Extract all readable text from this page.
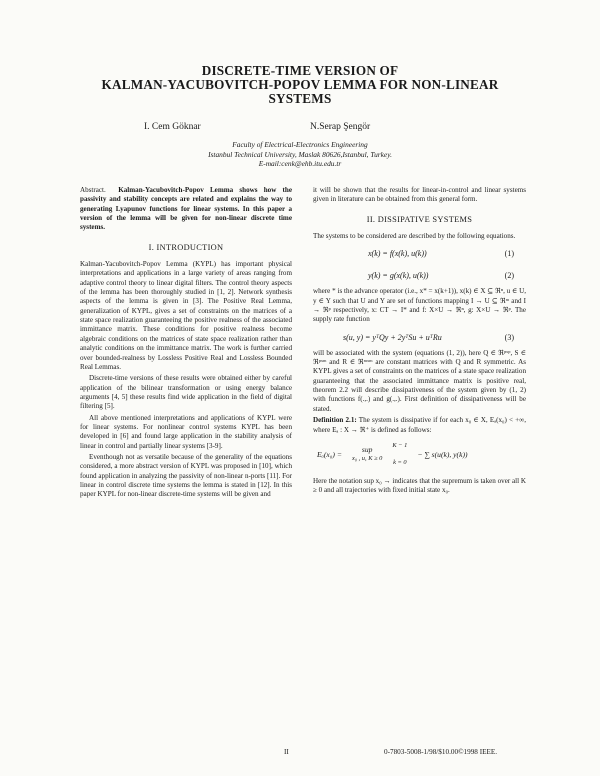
DISCRETE-TIME VERSION OF
KALMAN-YACUBOVITCH-POPOV LEMMA FOR NON-LINEAR
SYSTEMS
I. Cem Göknar	N.Serap Şengör
Faculty of Electrical-Electronics Engineering
Istanbul Technical University, Maslak 80626,Istanbul, Turkey.
E-mail:cenk@ehb.itu.edu.tr

Abstract. Kalman-Yacubovitch-Popov Lemma shows how the passivity and stability concepts are related and explains the way to generating Lyapunov functions for linear systems. In this paper a version of the lemma will be given for non-linear discrete time systems.

I. INTRODUCTION

Kalman-Yacubovitch-Popov Lemma (KYPL) has important physical interpretations and applications in a large variety of areas ranging from adaptive control theory to linear digital filters. The control theory aspects of the lemma has been thoroughly studied in [1, 2]. Network synthesis aspects of the lemma is given in [3]. The Positive Real Lemma, generalization of KYPL, gives a set of constraints on the matrices of a state space realization guaranteeing the positive realness of the associated immittance matrix. These conditions for positive realness become algebraic conditions on the matrices of state space realization rather than analytic conditions on the immittance matrix. The work is further carried over bounded-realness by Lossless Positive Real and Lossless Bounded Real Lemmas.

Discrete-time versions of these results were obtained either by careful application of the bilinear transformation or using energy balance arguments [4, 5] these results find wide application in the field of digital filtering [5].

All above mentioned interpretations and applications of KYPL were for linear systems. For nonlinear control systems KYPL has been developed in [6] and found large application in the stability analysis of linear in control and partially linear systems [3-9].

Eventhough not as versatile because of the generality of the equations considered, a more abstract version of KYPL was proposed in [10], which found application in analyzing the passivity of non-linear n-ports [11]. For linear in control discrete time systems the lemma is stated in [12]. In this paper KYPL for non-linear discrete-time systems will be given and

it will be shown that the results for linear-in-control and linear systems given in literature can be obtained from this general form.

II. DISSIPATIVE SYSTEMS

The systems to be considered are described by the following equations.

x(k) = f(x(k), u(k))	(1)
y(k) = g(x(k), u(k))	(2)

where * is the advance operator (i.e., x* = x(k+1)), x(k) ∈ X ⊆ ℜⁿ, u ∈ U, y ∈ Y such that U and Y are set of functions mapping I → U ⊆ ℜᵐ and I → ℜᵖ respectively, x: CT → I* and f: X×U → ℜⁿ, g: X×U → ℜᵖ. The supply rate function

s(u, y) = yᵀQy + 2yᵀSu + uᵀRu	(3)

will be associated with the system (equations (1, 2)), here Q ∈ ℜᵖˣᵖ, S ∈ ℜᵖˣᵐ and R ∈ ℜᵐˣᵐ are constant matrices with Q and R symmetric. As KYPL gives a set of constraints on the matrices of a state space realization guaranteeing that the associated immittance matrix is positive real, theorem 2.2 will describe dissipativeness of the system given by (1, 2) with functions f(.,.) and g(.,.). First definition of dissipativeness will be stated.

Definition 2.1: The system is dissipative if for each x₀ ∈ X, Eₐ(x₀) < +∞, where Eₐ : X → ℜ⁺ is defined as follows:

Eₐ(x₀) =
sup
x₀ , u, K ≥ 0
K − 1
k = 0
− ∑ s(u(k), y(k))

Here the notation sup x₀ → indicates that the supremum is taken over all K ≥ 0 and all trajectories with fixed initial state x₀.

II	0-7803-5008-1/98/$10.00©1998 IEEE.
